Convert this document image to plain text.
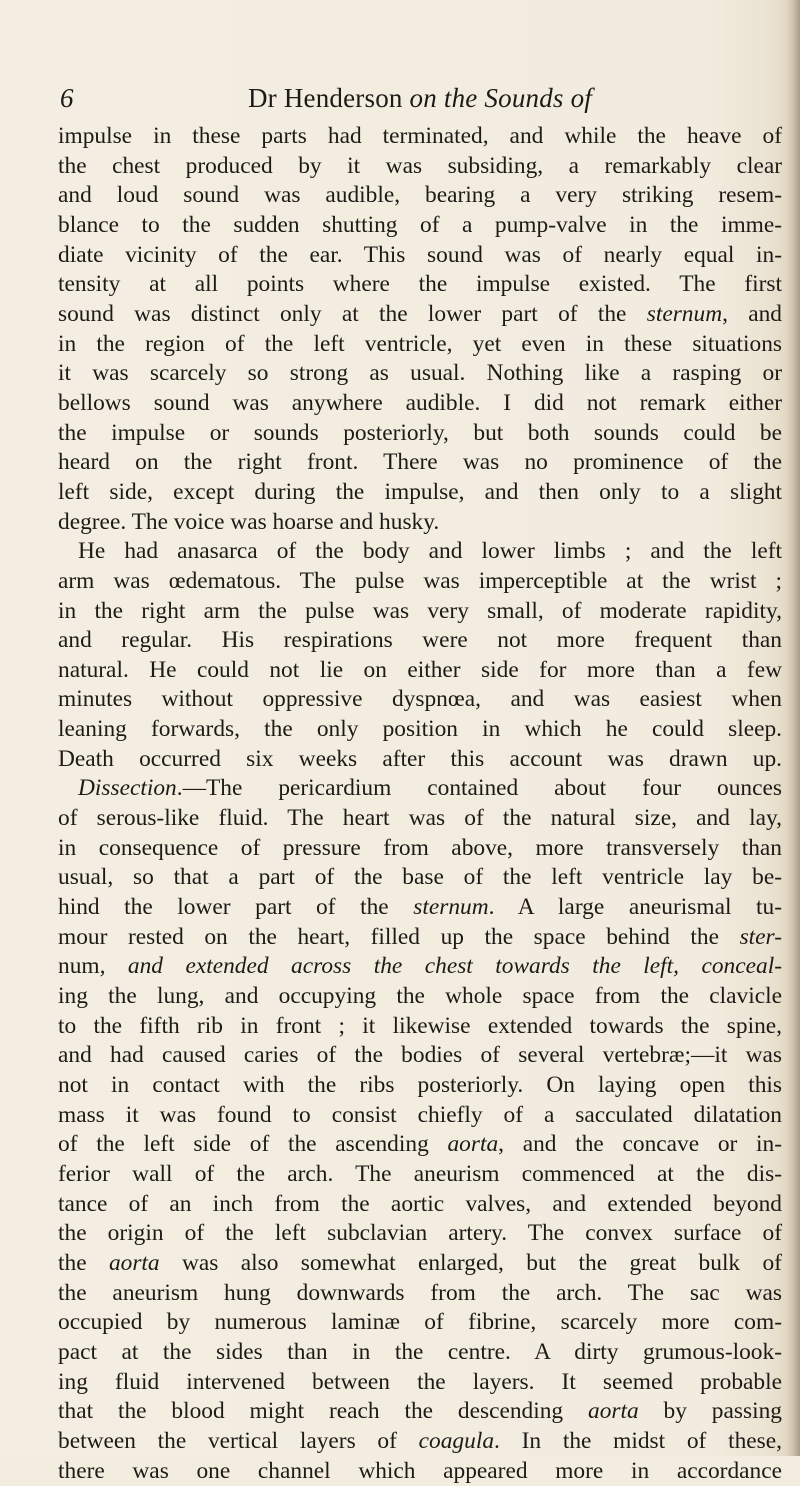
6	Dr Henderson on the Sounds of
impulse in these parts had terminated, and while the heave of
the chest produced by it was subsiding, a remarkably clear
and loud sound was audible, bearing a very striking resem-
blance to the sudden shutting of a pump-valve in the imme-
diate vicinity of the ear. This sound was of nearly equal in-
tensity at all points where the impulse existed. The first
sound was distinct only at the lower part of the sternum, and
in the region of the left ventricle, yet even in these situations
it was scarcely so strong as usual. Nothing like a rasping or
bellows sound was anywhere audible. I did not remark either
the impulse or sounds posteriorly, but both sounds could be
heard on the right front. There was no prominence of the
left side, except during the impulse, and then only to a slight
degree. The voice was hoarse and husky.
He had anasarca of the body and lower limbs ; and the left
arm was œdematous. The pulse was imperceptible at the wrist ;
in the right arm the pulse was very small, of moderate rapidity,
and regular. His respirations were not more frequent than
natural. He could not lie on either side for more than a few
minutes without oppressive dyspnœa, and was easiest when
leaning forwards, the only position in which he could sleep.
Death occurred six weeks after this account was drawn up.
Dissection.—The pericardium contained about four ounces
of serous-like fluid. The heart was of the natural size, and lay,
in consequence of pressure from above, more transversely than
usual, so that a part of the base of the left ventricle lay be-
hind the lower part of the sternum. A large aneurismal tu-
mour rested on the heart, filled up the space behind the ster-
num, and extended across the chest towards the left, conceal-
ing the lung, and occupying the whole space from the clavicle
to the fifth rib in front ; it likewise extended towards the spine,
and had caused caries of the bodies of several vertebræ;—it was
not in contact with the ribs posteriorly. On laying open this
mass it was found to consist chiefly of a sacculated dilatation
of the left side of the ascending aorta, and the concave or in-
ferior wall of the arch. The aneurism commenced at the dis-
tance of an inch from the aortic valves, and extended beyond
the origin of the left subclavian artery. The convex surface of
the aorta was also somewhat enlarged, but the great bulk of
the aneurism hung downwards from the arch. The sac was
occupied by numerous laminæ of fibrine, scarcely more com-
pact at the sides than in the centre. A dirty grumous-look-
ing fluid intervened between the layers. It seemed probable
that the blood might reach the descending aorta by passing
between the vertical layers of coagula. In the midst of these,
there was one channel which appeared more in accordance
